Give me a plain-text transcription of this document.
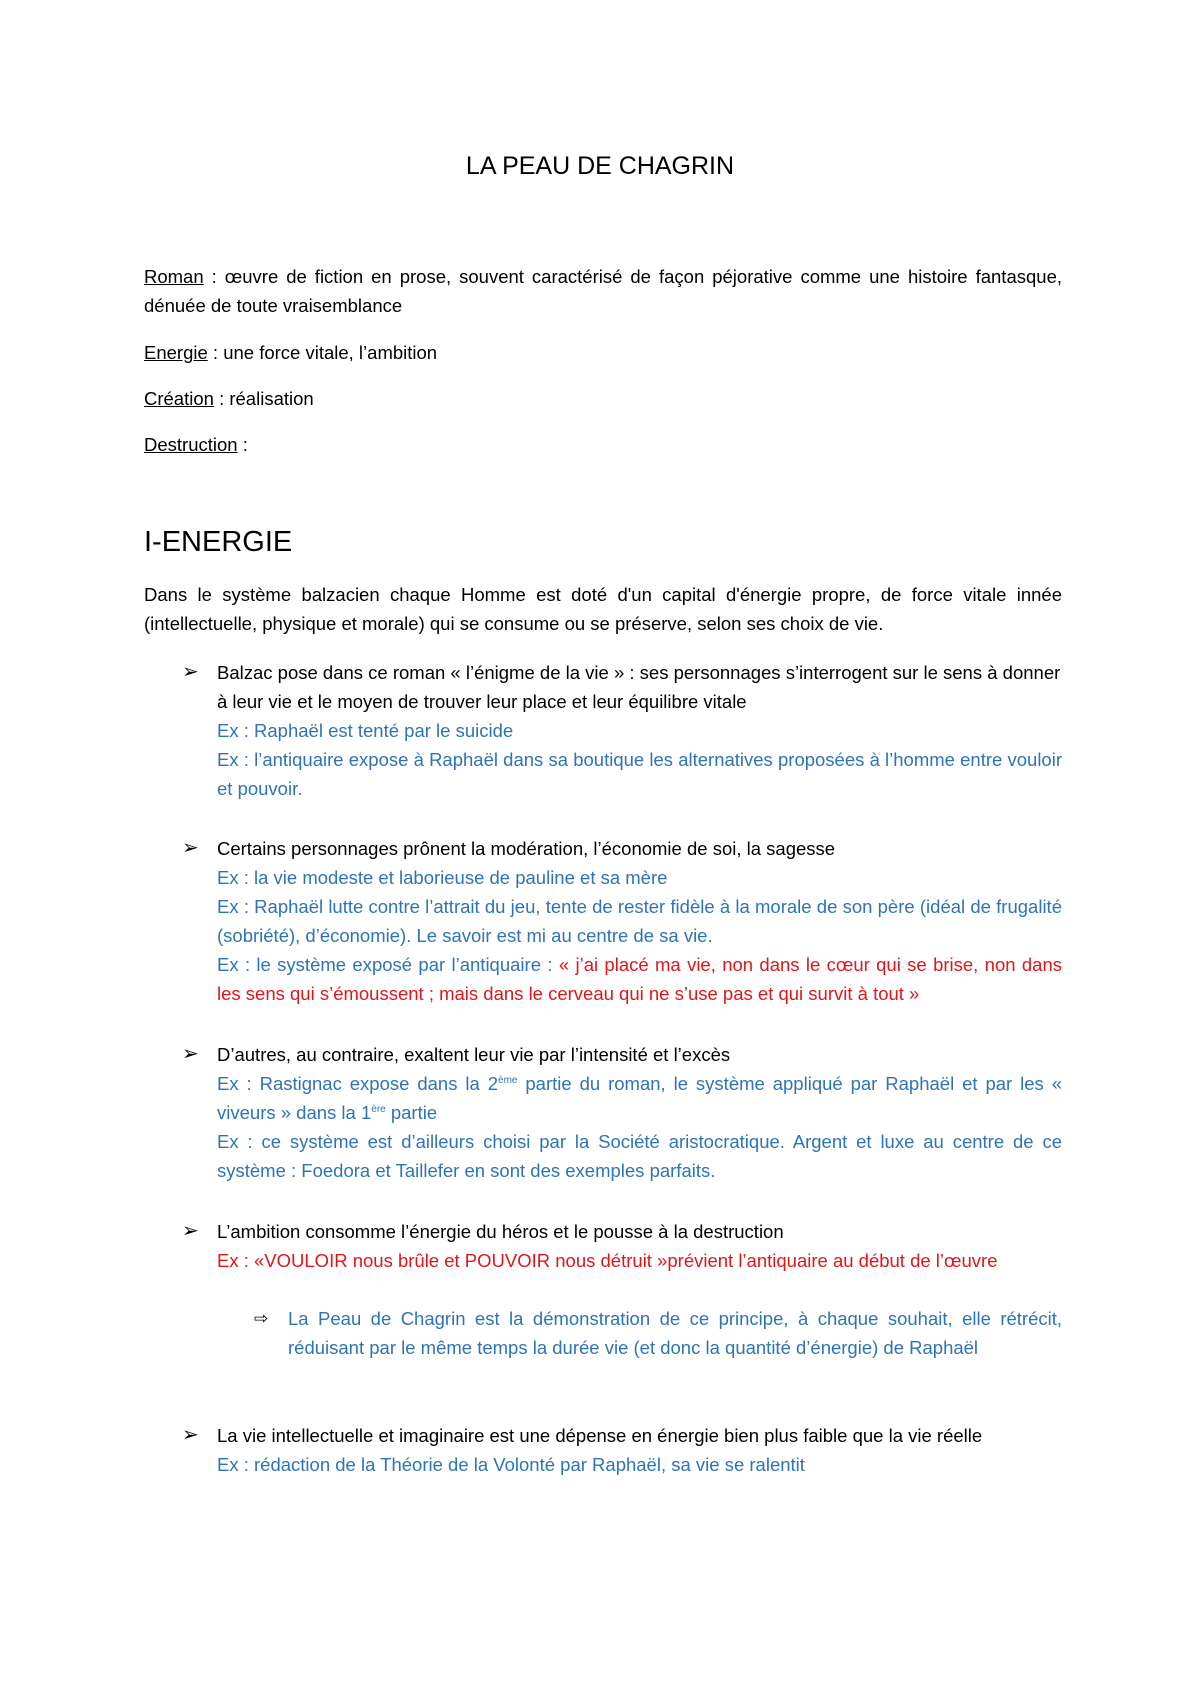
LA PEAU DE CHAGRIN
Roman : œuvre de fiction en prose, souvent caractérisé de façon péjorative comme une histoire fantasque, dénuée de toute vraisemblance
Energie : une force vitale, l’ambition
Création : réalisation
Destruction :
I-ENERGIE
Dans le système balzacien chaque Homme est doté d'un capital d'énergie propre, de force vitale innée (intellectuelle, physique et morale) qui se consume ou se préserve, selon ses choix de vie.
➢ Balzac pose dans ce roman « l’énigme de la vie » : ses personnages s’interrogent sur le sens à donner à leur vie et le moyen de trouver leur place et leur équilibre vitale
Ex : Raphaël est tenté par le suicide
Ex : l’antiquaire expose à Raphaël dans sa boutique les alternatives proposées à l’homme entre vouloir et pouvoir.
➢ Certains personnages prônent la modération, l’économie de soi, la sagesse
Ex : la vie modeste et laborieuse de pauline et sa mère
Ex : Raphaël lutte contre l’attrait du jeu, tente de rester fidèle à la morale de son père (idéal de frugalité (sobriété), d’économie). Le savoir est mi au centre de sa vie.
Ex : le système exposé par l’antiquaire : « j’ai placé ma vie, non dans le cœur qui se brise, non dans les sens qui s’émoussent ; mais dans le cerveau qui ne s’use pas et qui survit à tout »
➢ D’autres, au contraire, exaltent leur vie par l’intensité et l’excès
Ex : Rastignac expose dans la 2ème partie du roman, le système appliqué par Raphaël et par les « viveurs » dans la 1ère partie
Ex : ce système est d’ailleurs choisi par la Société aristocratique. Argent et luxe au centre de ce système : Foedora et Taillefer en sont des exemples parfaits.
➢ L’ambition consomme l’énergie du héros et le pousse à la destruction
Ex : «VOULOIR nous brûle et POUVOIR nous détruit »prévient l’antiquaire au début de l’œuvre
⇨ La Peau de Chagrin est la démonstration de ce principe, à chaque souhait, elle rétrécit, réduisant par le même temps la durée vie (et donc la quantité d’énergie) de Raphaël
➢ La vie intellectuelle et imaginaire est une dépense en énergie bien plus faible que la vie réelle
Ex : rédaction de la Théorie de la Volonté par Raphaël, sa vie se ralentit
